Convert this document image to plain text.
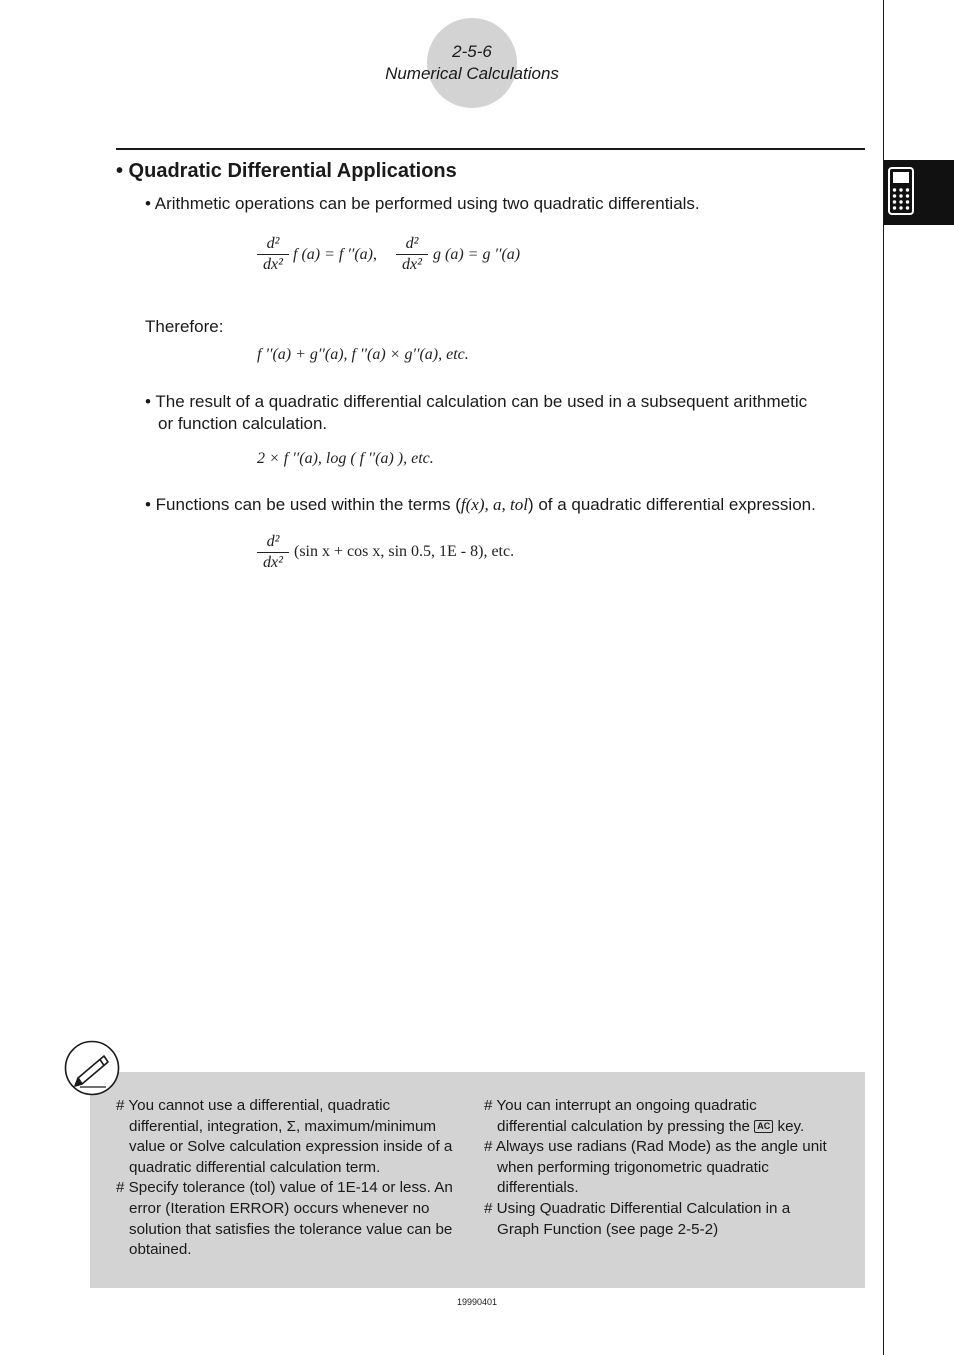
2-5-6
Numerical Calculations
• Quadratic Differential Applications
• Arithmetic operations can be performed using two quadratic differentials.
d²
dx²
f (a) = f ′′(a),
d²
dx²
g (a) = g ′′(a)
Therefore:
f ′′(a) + g′′(a), f ′′(a) × g′′(a), etc.
• The result of a quadratic differential calculation can be used in a subsequent arithmetic
or function calculation.
2 × f ′′(a), log ( f ′′(a) ), etc.
• Functions can be used within the terms (f(x), a, tol) of a quadratic differential expression.
d²
dx²
(sin x + cos x, sin 0.5, 1E - 8), etc.
# You cannot use a differential, quadratic differential, integration, Σ, maximum/minimum value or Solve calculation expression inside of a quadratic differential calculation term.
# Specify tolerance (tol) value of 1E-14 or less. An error (Iteration ERROR) occurs whenever no solution that satisfies the tolerance value can be obtained.
# You can interrupt an ongoing quadratic differential calculation by pressing the AC key.
# Always use radians (Rad Mode) as the angle unit when performing trigonometric quadratic differentials.
# Using Quadratic Differential Calculation in a Graph Function (see page 2-5-2)
19990401
